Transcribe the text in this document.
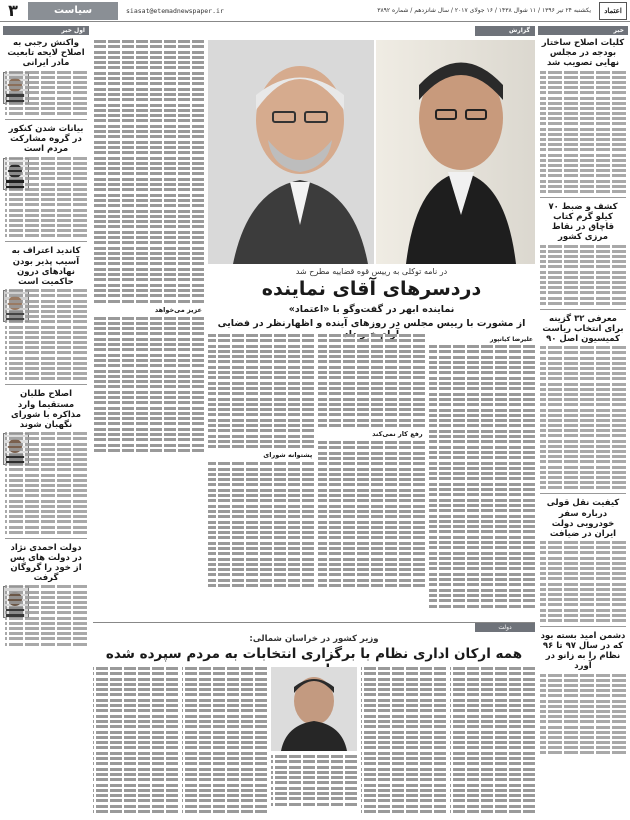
۳	سیاست	siasat@etemadnewspaper.ir	یکشنبه ۲۴ تیر ۱۳۹۶ / ۱۱ شوال ۱۴۳۸ / ۱۶ جولای ۲۰۱۷ / سال شانزدهم / شماره ۳۸۹۲	اعتماد
اول خبر
واکنش رجبی به اصلاح لایحه تابعیت مادر ایرانی
بیانات شدن کنکور در گروه مشارکت مردم است
کاندید اعتراف به آسیب پذیر بودن نهادهای درون حاکمیت است
اصلاح طلبان مستقیما وارد مذاکره با شورای نگهبان شوند
دولت احمدی نژاد در دولت های پس از خود را گروگان گرفت
گزارش
عزیز می‌خواهد
در نامه توکلی به رییس قوه قضاییه مطرح شد
دردسرهای آقای نماینده
نماینده ابهر در گفت‌وگو با «اعتماد»
از مشورت با رییس مجلس در روزهای آینده و اظهارنظر در فضایی
علیرضا کیانپور
رفع کار نمی‌کند
پشتوانه شورای
دولت
وزیر کشور در خراسان شمالی:
همه ارکان اداری نظام با برگزاری انتخابات به مردم سپرده شده
خبر
کلیات اصلاح ساختار بودجه در مجلس نهایی تصویب شد
کشف و ضبط ۷۰ کیلو گرم کتاب قاچاق در نقاط مرزی کشور
معرفی ۳۲ گزینه برای انتخاب ریاست کمیسیون اصل ۹۰
کیفیت نقل قولی درباره سفر خودرویی دولت ایران در ضیافت
دشمن امید بسته بود که در سال ۹۷ تا ۹۶ نظام را به زانو در آورد
